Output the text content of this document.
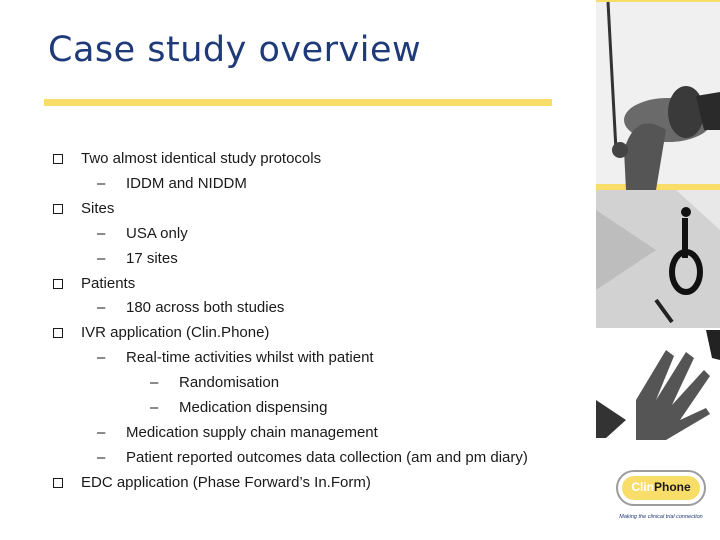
Case study overview
Two almost identical study protocols
– IDDM and NIDDM
Sites
– USA only
– 17 sites
Patients
– 180 across both studies
IVR application (Clin.Phone)
– Real-time activities whilst with patient
– Randomisation
– Medication dispensing
– Medication supply chain management
– Patient reported outcomes data collection (am and pm diary)
EDC application (Phase Forward’s In.Form)	ClinPhone
Making the clinical trial connection
